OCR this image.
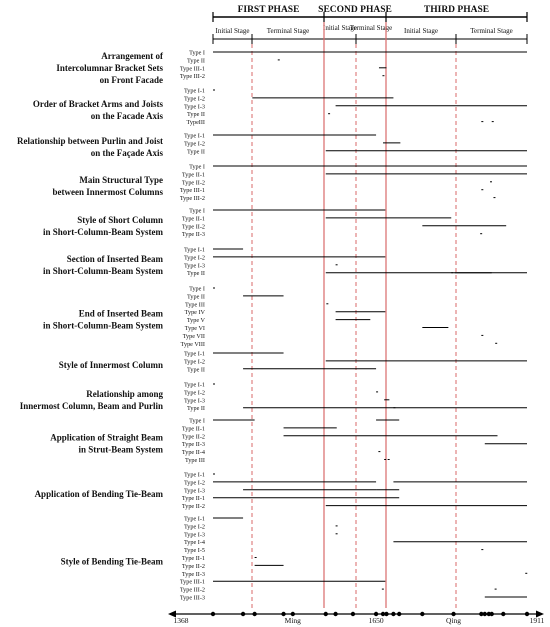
FIRST PHASE SECOND PHASE	THIRD PHASE
Initial Stage Terminal Stage Initial Stage
Terminal Stage Initial Stage	Terminal Stage
Arrangement of
Intercolumnar Bracket Sets
on Front Facade
Type I
Type II
Type III-1
Type III-2
Order of Bracket Arms and Joists
on the Facade Axis
Type I-1
Type I-2
Type I-3
Type II
TypeIII
Relationship between Purlin and Joist
on the Façade Axis
Type I-1
Type I-2
Type II
Main Structural Type
between Innermost Columns
Type I
Type II-1
Type II-2
Type III-1
Type III-2
Style of Short Column
in Short-Column-Beam System
Type I
Type II-1
Type II-2
Type II-3
Section of Inserted Beam
in Short-Column-Beam System
Type I-1
Type I-2
Type I-3
Type II
End of Inserted Beam
in Short-Column-Beam System
Type I
Type II
Type III
Type IV
Type V
Type VI
Type VII
Type VIII
Style of Innermost Column
Type I-1
Type I-2
Type II
Relationship among
Innermost Column, Beam and Purlin
Type I-1
Type I-2
Type I-3
Type II
Application of Straight Beam
in Strut-Beam System
Type I
Type II-1
Type II-2
Type II-3
Type II-4
Type III
Application of Bending Tie-Beam
Type I-1
Type I-2
Type I-3
Type II-1
Type II-2
Style of Bending Tie-Beam
Type I-1
Type I-2
Type I-3
Type I-4
Type I-5
Type II-1
Type II-2
Type II-3
Type III-1
Type III-2
Type III-3
1368	Ming	1650	Qing	1911
